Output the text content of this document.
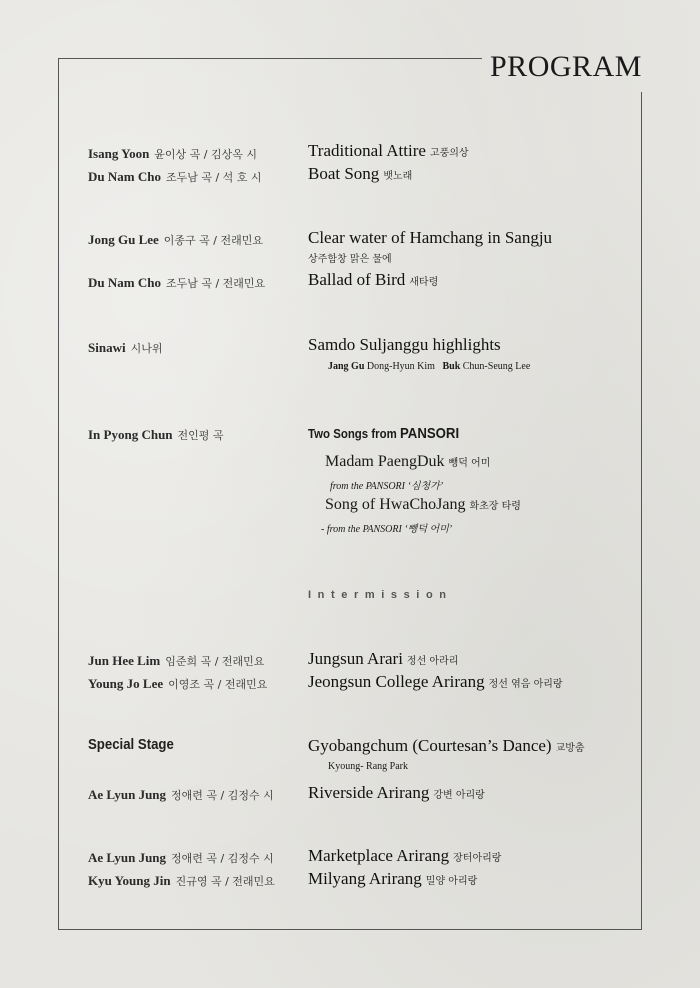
PROGRAM
Isang Yoon 윤이상 곡 / 김상옥 시	Traditional Attire 고풍의상
Du Nam Cho 조두남 곡 / 석 호 시	Boat Song 뱃노래
Jong Gu Lee 이종구 곡 / 전래민요	Clear water of Hamchang in Sangju
상주함창 맑은 물에
Du Nam Cho 조두남 곡 / 전래민요	Ballad of Bird 새타령
Sinawi 시나위	Samdo Suljanggu highlights
Jang Gu Dong-Hyun Kim Buk Chun-Seung Lee
In Pyong Chun 전인평 곡	Two Songs from PANSORI
Madam PaengDuk 뺑덕 어미
from the PANSORI ‘심청가’
Song of HwaChoJang 화초장 타령
- from the PANSORI ‘뺑덕 어미’
Intermission
Jun Hee Lim 임준희 곡 / 전래민요	Jungsun Arari 정선 아라리
Young Jo Lee 이영조 곡 / 전래민요 Jeongsun College Arirang 정선 엮음 아리랑
Special Stage	Gyobangchum (Courtesan’s Dance) 교방춤
Kyoung- Rang Park
Ae Lyun Jung 정애련 곡 / 김정수 시 Riverside Arirang 강변 아리랑
Ae Lyun Jung 정애련 곡 / 김정수 시 Marketplace Arirang 장터아리랑
Kyu Young Jin 진규영 곡 / 전래민요 Milyang Arirang 밀양 아리랑
